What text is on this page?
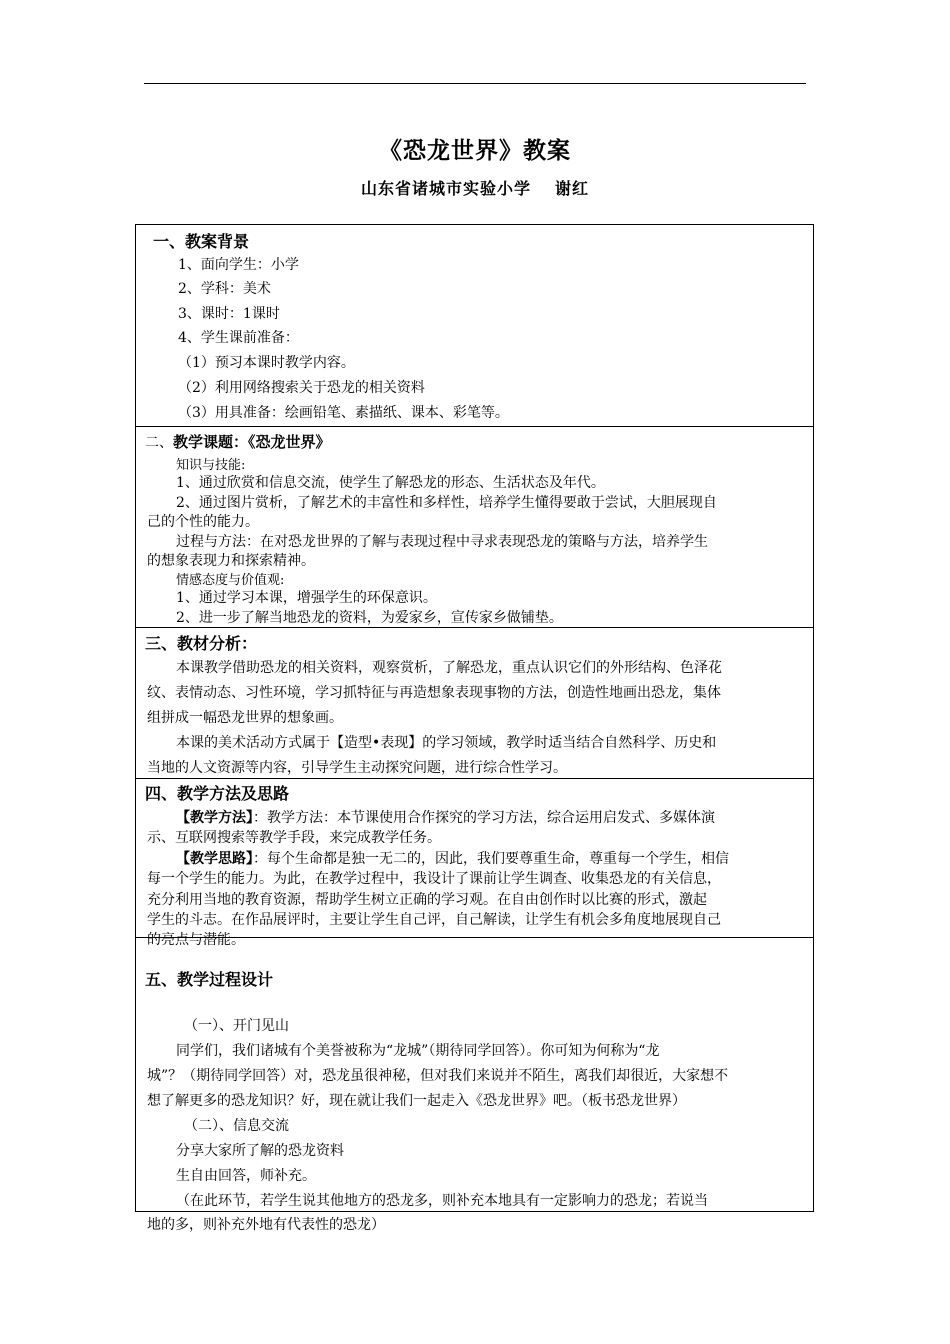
《恐龙世界》教案
山东省诸城市实验小学 谢红
一、教案背景
1、面向学生：小学
2、学科：美术
3、课时：1课时
4、学生课前准备：
（1）预习本课时教学内容。
（2）利用网络搜索关于恐龙的相关资料
（3）用具准备：绘画铅笔、素描纸、课本、彩笔等。
二、教学课题：《恐龙世界》
知识与技能:
1、通过欣赏和信息交流，使学生了解恐龙的形态、生活状态及年代。
2、通过图片赏析，了解艺术的丰富性和多样性，培养学生懂得要敢于尝试，大胆展现自
己的个性的能力。
过程与方法：在对恐龙世界的了解与表现过程中寻求表现恐龙的策略与方法，培养学生
的想象表现力和探索精神。
情感态度与价值观:
1、通过学习本课，增强学生的环保意识。
2、进一步了解当地恐龙的资料，为爱家乡，宣传家乡做铺垫。
三、教材分析：
本课教学借助恐龙的相关资料，观察赏析，了解恐龙，重点认识它们的外形结构、色泽花
纹、表情动态、习性环境，学习抓特征与再造想象表现事物的方法，创造性地画出恐龙，集体
组拼成一幅恐龙世界的想象画。
本课的美术活动方式属于【造型•表现】的学习领域，教学时适当结合自然科学、历史和
当地的人文资源等内容，引导学生主动探究问题，进行综合性学习。
四、教学方法及思路
【教学方法】：教学方法：本节课使用合作探究的学习方法，综合运用启发式、多媒体演
示、互联网搜索等教学手段，来完成教学任务。
【教学思路】：每个生命都是独一无二的，因此，我们要尊重生命，尊重每一个学生，相信
每一个学生的能力。为此，在教学过程中，我设计了课前让学生调查、收集恐龙的有关信息，
充分利用当地的教育资源，帮助学生树立正确的学习观。在自由创作时以比赛的形式，激起
学生的斗志。在作品展评时，主要让学生自己评，自己解读，让学生有机会多角度地展现自己
的亮点与潜能。
五、教学过程设计
（一）、开门见山
同学们，我们诸城有个美誉被称为“龙城”（期待同学回答）。你可知为何称为“龙
城”？（期待同学回答）对，恐龙虽很神秘，但对我们来说并不陌生，离我们却很近，大家想不
想了解更多的恐龙知识？好，现在就让我们一起走入《恐龙世界》吧。（板书恐龙世界）
（二）、信息交流
分享大家所了解的恐龙资料
生自由回答，师补充。
（在此环节，若学生说其他地方的恐龙多，则补充本地具有一定影响力的恐龙；若说当
地的多，则补充外地有代表性的恐龙）
